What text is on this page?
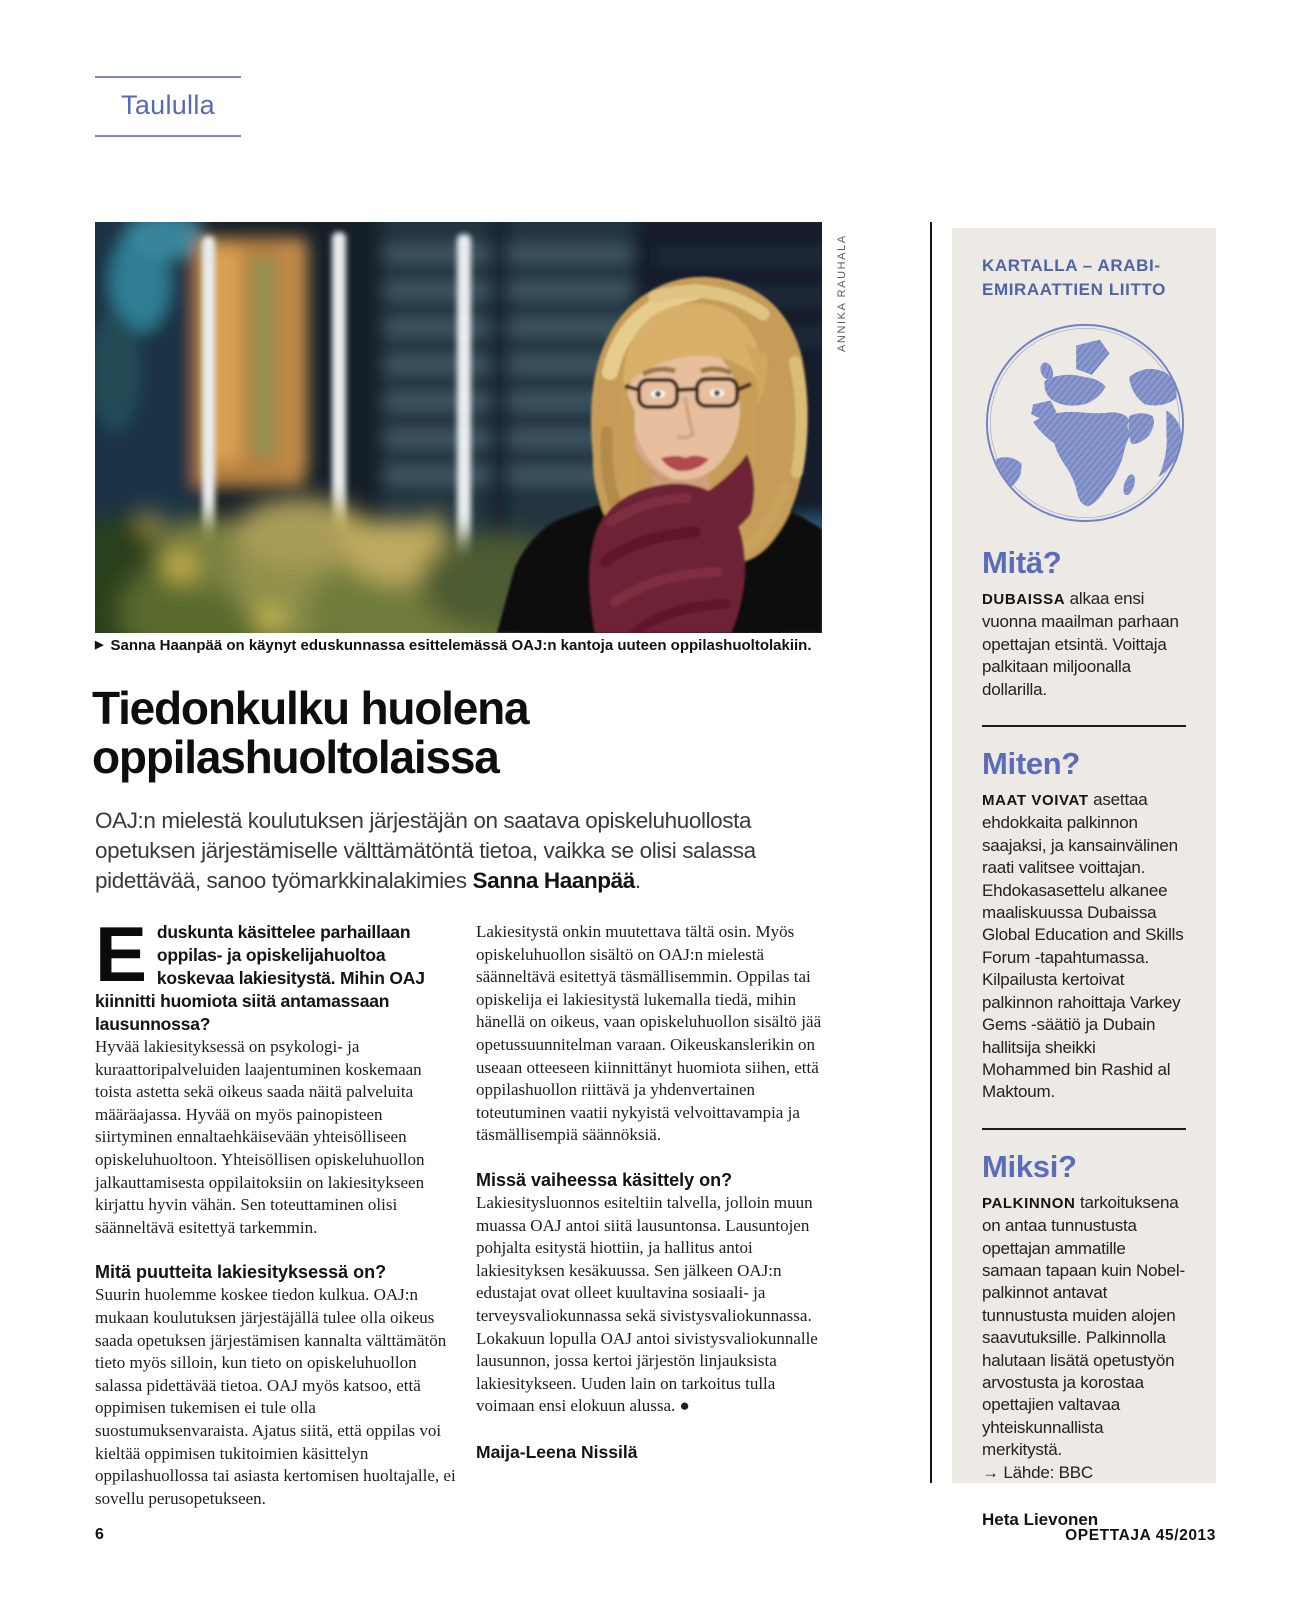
Taululla
ANNIKA RAUHALA
▶ Sanna Haanpää on käynyt eduskunnassa esittelemässä OAJ:n kantoja uuteen oppilashuoltolakiin.
Tiedonkulku huolena oppilashuoltolaissa

OAJ:n mielestä koulutuksen järjestäjän on saatava opiskeluhuollosta opetuksen järjestämiselle välttämätöntä tietoa, vaikka se olisi salassa pidettävää, sanoo työmarkkinalakimies Sanna Haanpää.

Eduskunta käsittelee parhaillaan oppilas- ja opiskelijahuoltoa koskevaa lakiesitystä. Mihin OAJ kiinnitti huomiota siitä antamassaan lausunnossa?

Hyvää lakiesityksessä on psykologi- ja kuraattoripalveluiden laajentuminen koskemaan toista astetta sekä oikeus saada näitä palveluita määräajassa. Hyvää on myös painopisteen siirtyminen ennaltaehkäisevään yhteisölliseen opiskeluhuoltoon. Yhteisöllisen opiskeluhuollon jalkauttamisesta oppilaitoksiin on lakiesitykseen kirjattu hyvin vähän. Sen toteuttaminen olisi säänneltävä esitettyä tarkemmin.

Mitä puutteita lakiesityksessä on?

Suurin huolemme koskee tiedon kulkua. OAJ:n mukaan koulutuksen järjestäjällä tulee olla oikeus saada opetuksen järjestämisen kannalta välttämätön tieto myös silloin, kun tieto on opiskeluhuollon salassa pidettävää tietoa. OAJ myös katsoo, että oppimisen tukemisen ei tule olla suostumuksenvaraista. Ajatus siitä, että oppilas voi kieltää oppimisen tukitoimien käsittelyn oppilashuollossa tai asiasta kertomisen huoltajalle, ei sovellu perusopetukseen.

Lakiesitystä onkin muutettava tältä osin. Myös opiskeluhuollon sisältö on OAJ:n mielestä säänneltävä esitettyä täsmällisemmin. Oppilas tai opiskelija ei lakiesitystä lukemalla tiedä, mihin hänellä on oikeus, vaan opiskeluhuollon sisältö jää opetussuunnitelman varaan. Oikeuskanslerikin on useaan otteeseen kiinnittänyt huomiota siihen, että oppilashuollon riittävä ja yhdenvertainen toteutuminen vaatii nykyistä velvoittavampia ja täsmällisempiä säännöksiä.

Missä vaiheessa käsittely on?

Lakiesitysluonnos esiteltiin talvella, jolloin muun muassa OAJ antoi siitä lausuntonsa. Lausuntojen pohjalta esitystä hiottiin, ja hallitus antoi lakiesityksen kesäkuussa. Sen jälkeen OAJ:n edustajat ovat olleet kuultavina sosiaali- ja terveysvaliokunnassa sekä sivistysvaliokunnassa. Lokakuun lopulla OAJ antoi sivistysvaliokunnalle lausunnon, jossa kertoi järjestön linjauksista lakiesitykseen. Uuden lain on tarkoitus tulla voimaan ensi elokuun alussa. ●

Maija-Leena Nissilä

KARTALLA – ARABI-EMIRAATTIEN LIITTO
Mitä?

DUBAISSA alkaa ensi vuonna maailman parhaan opettajan etsintä. Voittaja palkitaan miljoonalla dollarilla.

Miten?

MAAT VOIVAT asettaa ehdokkaita palkinnon saajaksi, ja kansainvälinen raati valitsee voittajan. Ehdokasasettelu alkanee maaliskuussa Dubaissa Global Education and Skills Forum -tapahtumassa. Kilpailusta kertoivat palkinnon rahoittaja Varkey Gems -säätiö ja Dubain hallitsija sheikki Mohammed bin Rashid al Maktoum.

Miksi?

PALKINNON tarkoituksena on antaa tunnustusta opettajan ammatille samaan tapaan kuin Nobel-palkinnot antavat tunnustusta muiden alojen saavutuksille. Palkinnolla halutaan lisätä opetustyön arvostusta ja korostaa opettajien valtavaa yhteiskunnallista merkitystä.

→ Lähde: BBC

Heta Lievonen

6	OPETTAJA 45/2013
